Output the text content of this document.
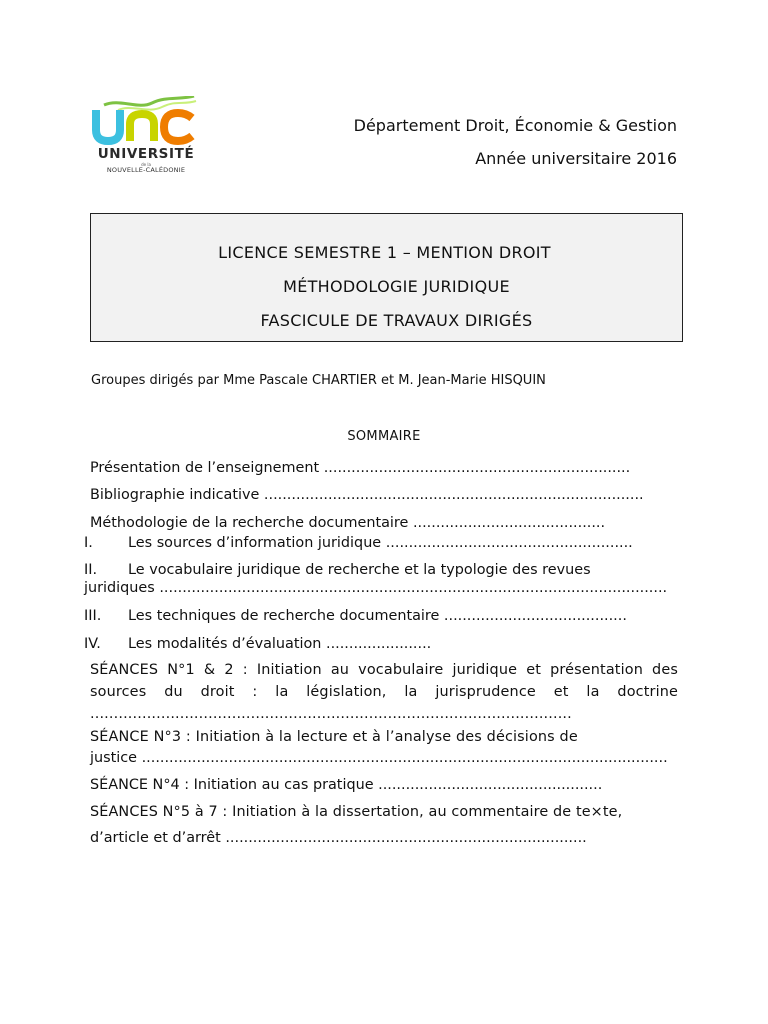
UNIVERSITÉ
de la
NOUVELLE-CALÉDONIE
Département Droit, Économie & Gestion
Année universitaire 2016
LICENCE SEMESTRE 1 – MENTION DROIT
MÉTHODOLOGIE JURIDIQUE
FASCICULE DE TRAVAUX DIRIGÉS
Groupes dirigés par Mme Pascale CHARTIER et M. Jean-Marie HISQUIN
SOMMAIRE
Présentation de l’enseignement ...................................................................
Bibliographie indicative ...................................................................................
Méthodologie de la recherche documentaire ..........................................
I. Les sources d’information juridique ......................................................
II. Le vocabulaire juridique de recherche et la typologie des revues
juridiques ...............................................................................................................
III. Les techniques de recherche documentaire ........................................
IV. Les modalités d’évaluation .......................
SÉANCES N°1 & 2 : Initiation au vocabulaire juridique et présentation des sources du droit : la législation, la jurisprudence et la doctrine ......................................................................................................
SÉANCE N°3 : Initiation à la lecture et à l’analyse des décisions de
justice ...................................................................................................................
SÉANCE N°4 : Initiation au cas pratique .................................................
SÉANCES N°5 à 7 : Initiation à la dissertation, au commentaire de te×te,
d’article et d’arrêt ...............................................................................
